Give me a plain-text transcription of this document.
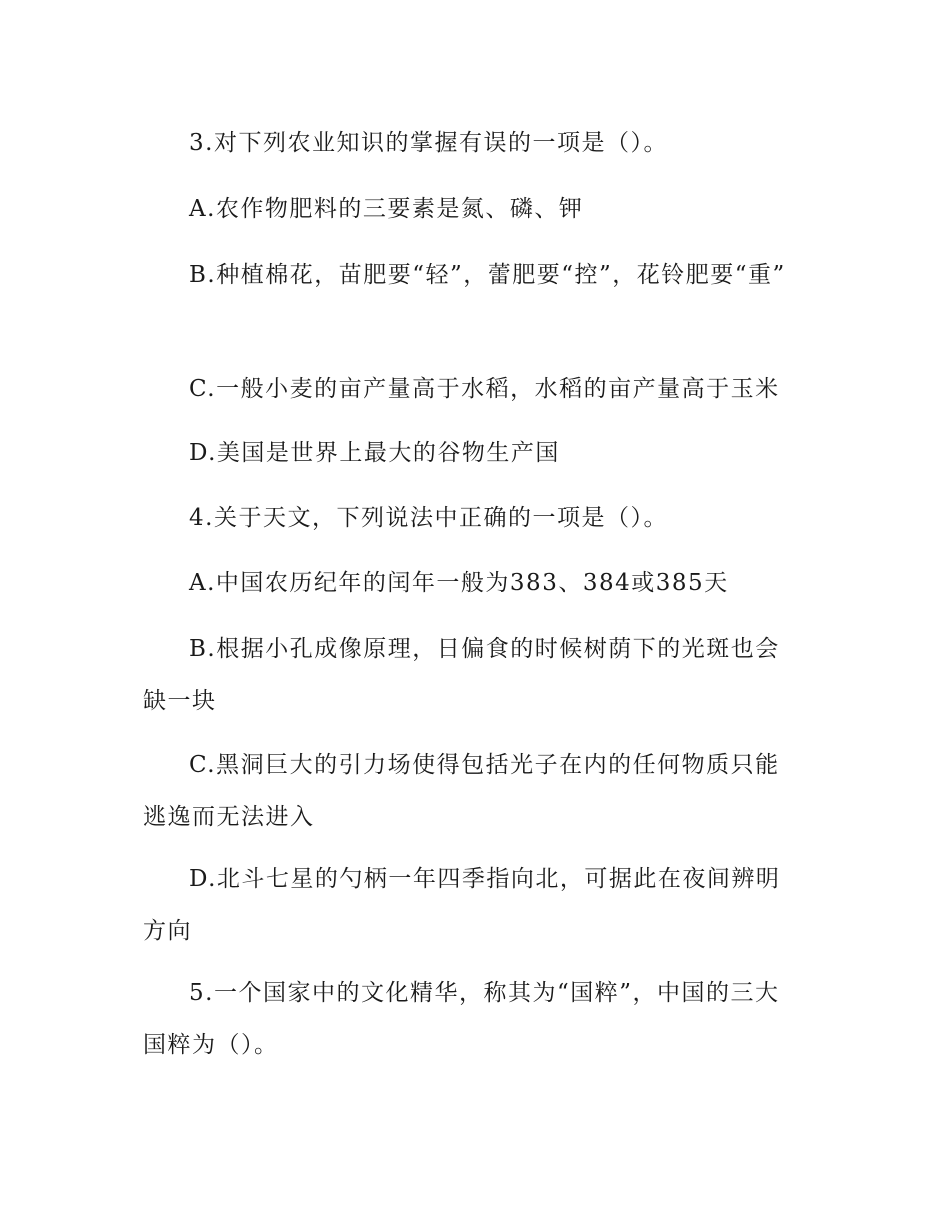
3.对下列农业知识的掌握有误的一项是（）。

A.农作物肥料的三要素是氮、磷、钾

B.种植棉花，苗肥要“轻”，蕾肥要“控”，花铃肥要“重”

C.一般小麦的亩产量高于水稻，水稻的亩产量高于玉米

D.美国是世界上最大的谷物生产国

4.关于天文，下列说法中正确的一项是（）。

A.中国农历纪年的闰年一般为383、384或385天

B.根据小孔成像原理，日偏食的时候树荫下的光斑也会缺一块

C.黑洞巨大的引力场使得包括光子在内的任何物质只能逃逸而无法进入

D.北斗七星的勺柄一年四季指向北，可据此在夜间辨明方向

5.一个国家中的文化精华，称其为“国粹”，中国的三大国粹为（）。
